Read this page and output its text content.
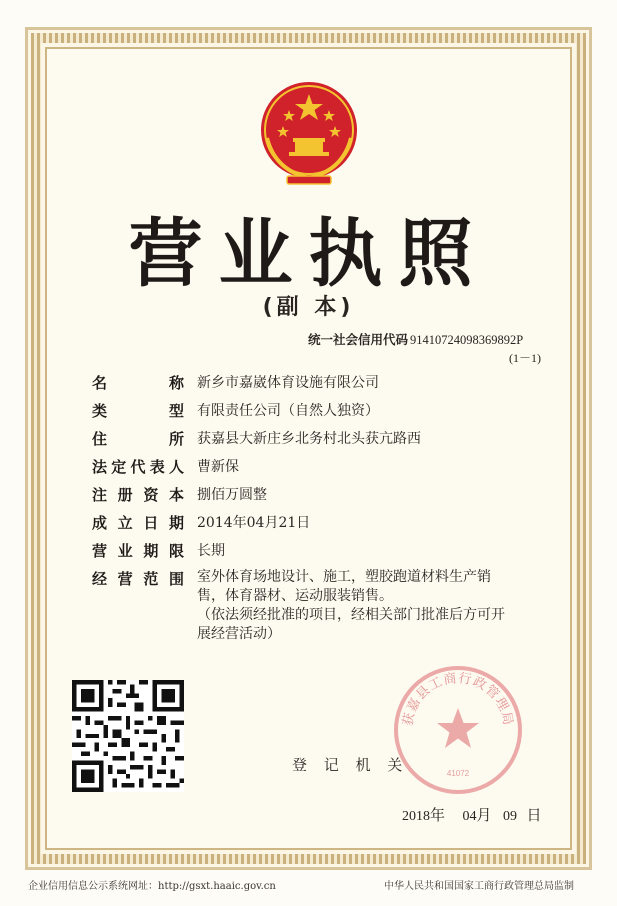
营业执照
(副 本)
统一社会信用代码 91410724098369892P
(1－1)
名	称 新乡市嘉崴体育设施有限公司
类	型 有限责任公司（自然人独资）
住	所 获嘉县大新庄乡北务村北头获亢路西
法 定 代 表 人 曹新保
注 册 资 本 捌佰万圆整
成 立 日 期 2014年04月21日
营 业 期 限 长期
经 营 范 围 室外体育场地设计、施工，塑胶跑道材料生产销
售，体育器材、运动服装销售。
（依法须经批准的项目，经相关部门批准后方可开
展经营活动）
获嘉县工商行政管理局
41072
登 记 机 关
2018年 04月 09 日
企业信用信息公示系统网址：http://gsxt.haaic.gov.cn	中华人民共和国国家工商行政管理总局监制
